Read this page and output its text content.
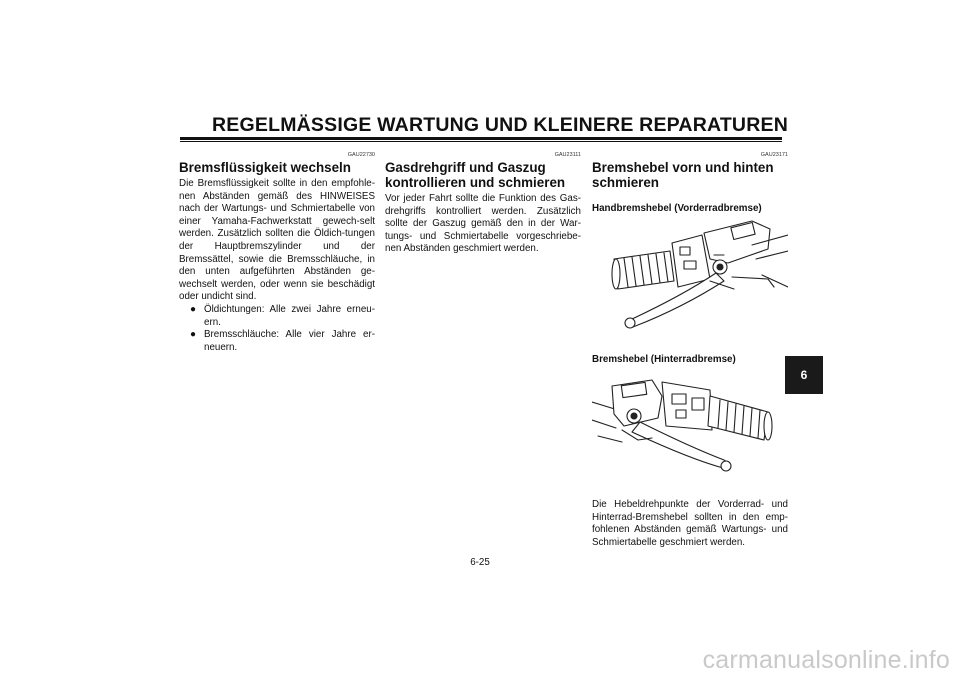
REGELMÄSSIGE WARTUNG UND KLEINERE REPARATUREN
GAU22730
Bremsflüssigkeit wechseln

Die Bremsflüssigkeit sollte in den empfohle-nen Abständen gemäß des HINWEISES nach der Wartungs- und Schmiertabelle von einer Yamaha-Fachwerkstatt gewech-selt werden. Zusätzlich sollten die Öldich-tungen der Hauptbremszylinder und der Bremssättel, sowie die Bremsschläuche, in den unten aufgeführten Abständen ge-wechselt werden, oder wenn sie beschädigt oder undicht sind.

● Öldichtungen: Alle zwei Jahre erneu-ern.
● Bremsschläuche: Alle vier Jahre er-neuern.
GAU23111
Gasdrehgriff und Gaszug kontrollieren und schmieren

Vor jeder Fahrt sollte die Funktion des Gas-drehgriffs kontrolliert werden. Zusätzlich sollte der Gaszug gemäß den in der War-tungs- und Schmiertabelle vorgeschriebe-nen Abständen geschmiert werden.

GAU23171
Bremshebel vorn und hinten schmieren
Handbremshebel (Vorderradbremse)
Bremshebel (Hinterradbremse)

Die Hebeldrehpunkte der Vorderrad- und Hinterrad-Bremshebel sollten in den emp-fohlenen Abständen gemäß Wartungs- und Schmiertabelle geschmiert werden.

6-25
6
carmanualsonline.info
